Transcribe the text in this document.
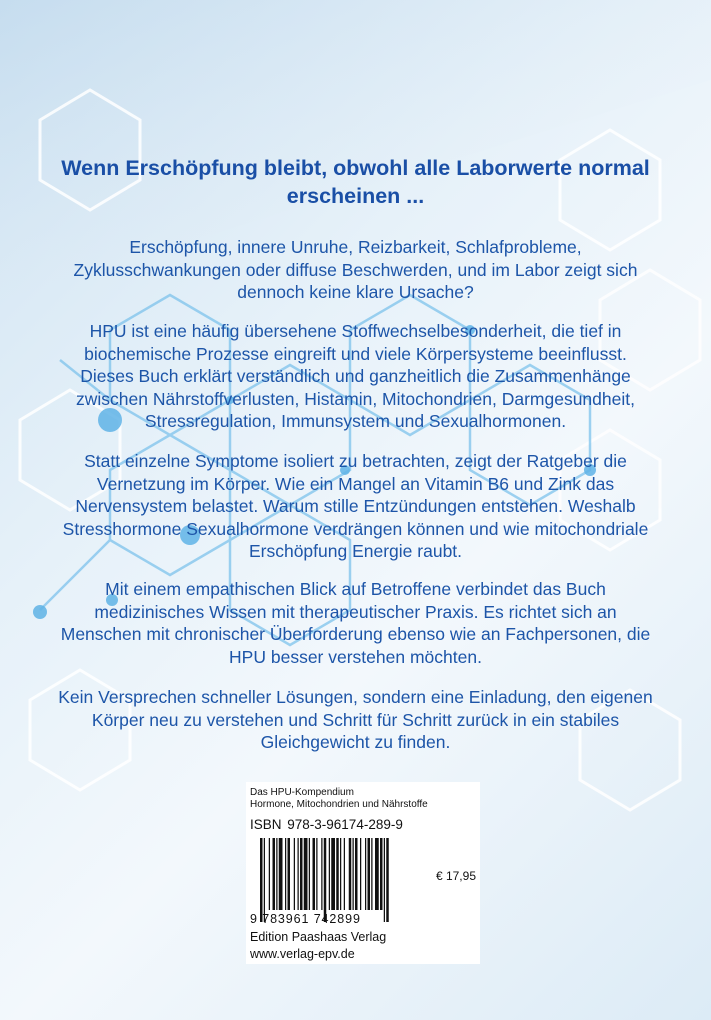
Wenn Erschöpfung bleibt, obwohl alle Laborwerte normal
erscheinen ...

Erschöpfung, innere Unruhe, Reizbarkeit, Schlafprobleme,

Zyklusschwankungen oder diffuse Beschwerden, und im Labor zeigt sich

dennoch keine klare Ursache?

HPU ist eine häufig übersehene Stoffwechselbesonderheit, die tief in

biochemische Prozesse eingreift und viele Körpersysteme beeinflusst.

Dieses Buch erklärt verständlich und ganzheitlich die Zusammenhänge

zwischen Nährstoffverlusten, Histamin, Mitochondrien, Darmgesundheit,

Stressregulation, Immunsystem und Sexualhormonen.

Statt einzelne Symptome isoliert zu betrachten, zeigt der Ratgeber die

Vernetzung im Körper. Wie ein Mangel an Vitamin B6 und Zink das

Nervensystem belastet. Warum stille Entzündungen entstehen. Weshalb

Stresshormone Sexualhormone verdrängen können und wie mitochondriale

Erschöpfung Energie raubt.

Mit einem empathischen Blick auf Betroffene verbindet das Buch

medizinisches Wissen mit therapeutischer Praxis. Es richtet sich an

Menschen mit chronischer Überforderung ebenso wie an Fachpersonen, die

HPU besser verstehen möchten.

Kein Versprechen schneller Lösungen, sondern eine Einladung, den eigenen

Körper neu zu verstehen und Schritt für Schritt zurück in ein stabiles

Gleichgewicht zu finden.

Das HPU-Kompendium
Hormone, Mitochondrien und Nährstoffe
ISBN 978-3-96174-289-9
9 783961 742899
€ 17,95
Edition Paashaas Verlag
www.verlag-epv.de
